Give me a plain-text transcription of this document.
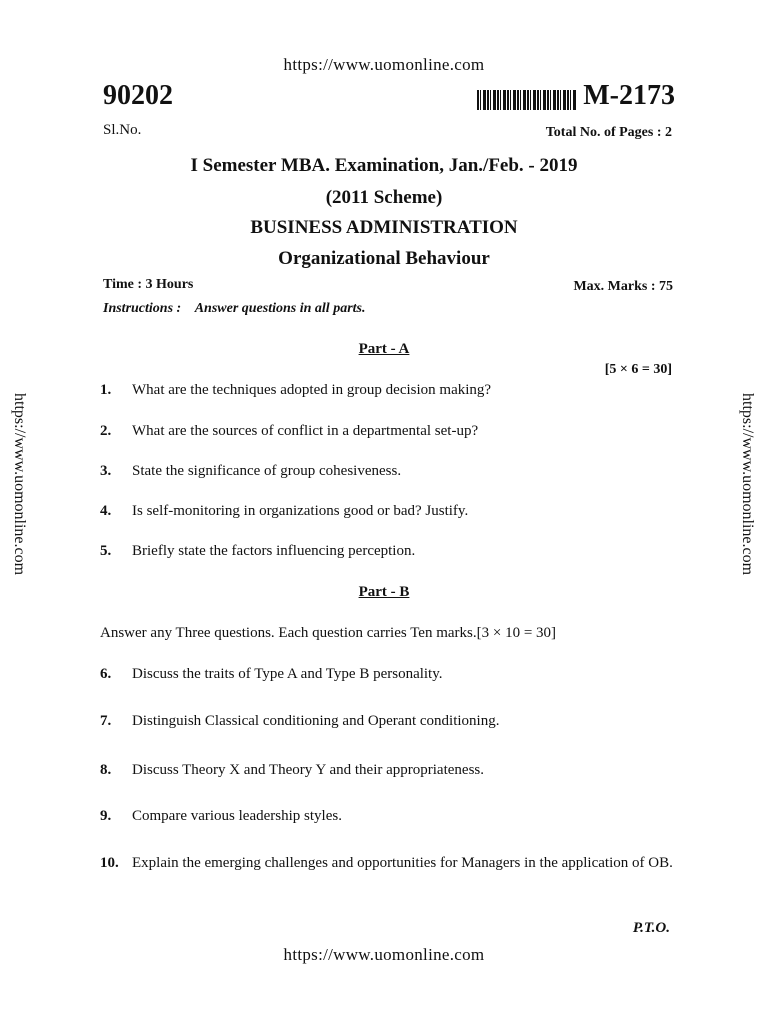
https://www.uomonline.com
90202	M-2173
Sl.No.	Total No. of Pages : 2
I Semester MBA. Examination, Jan./Feb. - 2019
(2011 Scheme)
BUSINESS ADMINISTRATION
Organizational Behaviour
Time : 3 Hours	Max. Marks : 75
Instructions : Answer questions in all parts.
Part - A
[5 × 6 = 30]
1. What are the techniques adopted in group decision making?
2. What are the sources of conflict in a departmental set-up?
3. State the significance of group cohesiveness.
4. Is self-monitoring in organizations good or bad? Justify.
5. Briefly state the factors influencing perception.
Part - B
Answer any Three questions. Each question carries Ten marks.[3 × 10 = 30]
6. Discuss the traits of Type A and Type B personality.
7. Distinguish Classical conditioning and Operant conditioning.
8. Discuss Theory X and Theory Y and their appropriateness.
9. Compare various leadership styles.
10. Explain the emerging challenges and opportunities for Managers in the application of OB.
P.T.O.
https://www.uomonline.com
https://www.uomonline.com	https://www.uomonline.com
